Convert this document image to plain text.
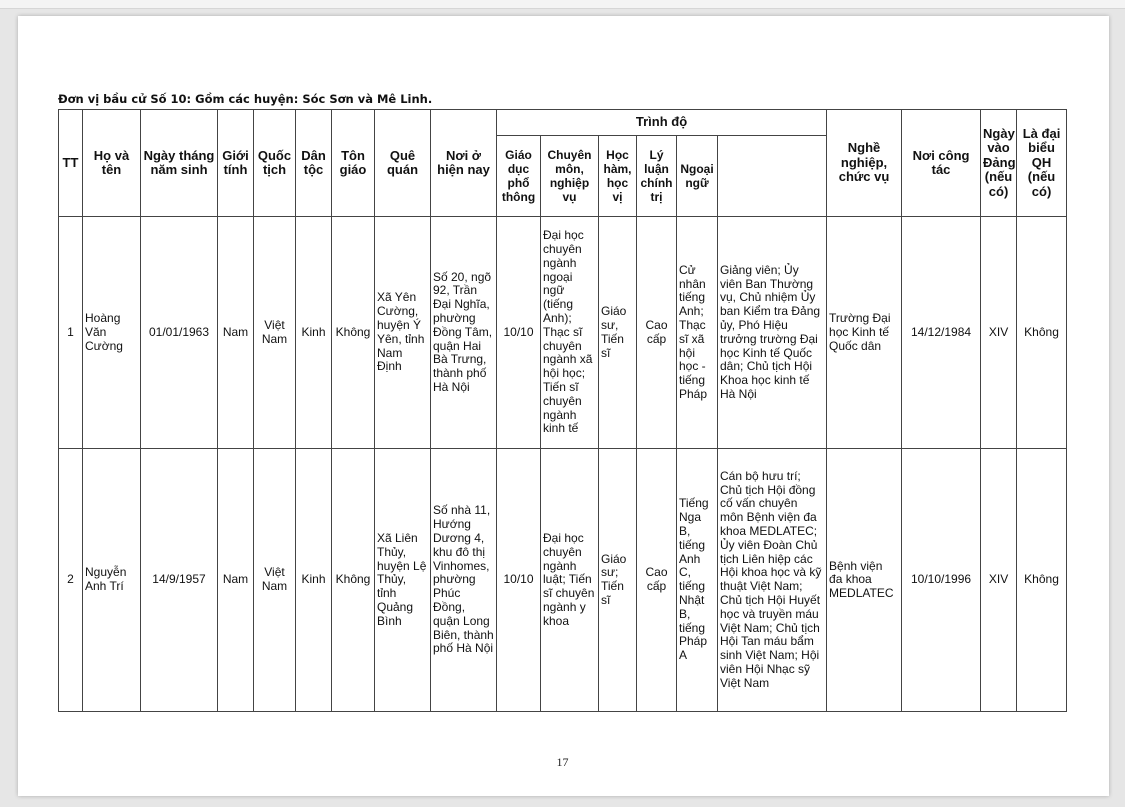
Đơn vị bầu cử Số 10: Gồm các huyện: Sóc Sơn và Mê Linh.
TT	Họ và tên	Ngày tháng năm sinh	Giới tính	Quốc tịch	Dân tộc	Tôn giáo	Quê quán	Nơi ở hiện nay	Trình độ						Nghề nghiệp, chức vụ	Nơi công tác	Ngày vào Đảng (nếu có)	Là đại biểu QH (nếu có)	
									Giáo dục phổ thông	Chuyên môn, nghiệp vụ	Học hàm, học vị	Lý luận chính trị	Ngoại ngữ						
1	Hoàng Văn Cường	01/01/1963	Nam	Việt Nam	Kinh	Không	Xã Yên Cường, huyện Ý Yên, tỉnh Nam Định	Số 20, ngõ 92, Trần Đại Nghĩa, phường Đồng Tâm, quận Hai Bà Trưng, thành phố Hà Nội	10/10	Đại học chuyên ngành ngoại ngữ (tiếng Anh); Thạc sĩ chuyên ngành xã hội học; Tiến sĩ chuyên ngành kinh tế	Giáo sư, Tiến sĩ	Cao cấp	Cử nhân tiếng Anh; Thạc sĩ xã hội học - tiếng Pháp	Giảng viên; Ủy viên Ban Thường vụ, Chủ nhiệm Ủy ban Kiểm tra Đảng ủy, Phó Hiệu trưởng trường Đại học Kinh tế Quốc dân; Chủ tịch Hội Khoa học kinh tế Hà Nội	Trường Đại học Kinh tế Quốc dân	14/12/1984	XIV	Không	
2	Nguyễn Anh Trí	14/9/1957	Nam	Việt Nam	Kinh	Không	Xã Liên Thủy, huyện Lệ Thủy, tỉnh Quảng Bình	Số nhà 11, Hướng Dương 4, khu đô thị Vinhomes, phường Phúc Đồng, quận Long Biên, thành phố Hà Nội	10/10	Đại học chuyên ngành luật; Tiến sĩ chuyên ngành y khoa	Giáo sư; Tiến sĩ	Cao cấp	Tiếng Nga B, tiếng Anh C, tiếng Nhật B, tiếng Pháp A	Cán bộ hưu trí; Chủ tịch Hội đồng cố vấn chuyên môn Bệnh viện đa khoa MEDLATEC; Ủy viên Đoàn Chủ tịch Liên hiệp các Hội khoa học và kỹ thuật Việt Nam; Chủ tịch Hội Huyết học và truyền máu Việt Nam; Chủ tịch Hội Tan máu bẩm sinh Việt Nam; Hội viên Hội Nhạc sỹ Việt Nam	Bệnh viện đa khoa MEDLATEC	10/10/1996	XIV	Không	
17
